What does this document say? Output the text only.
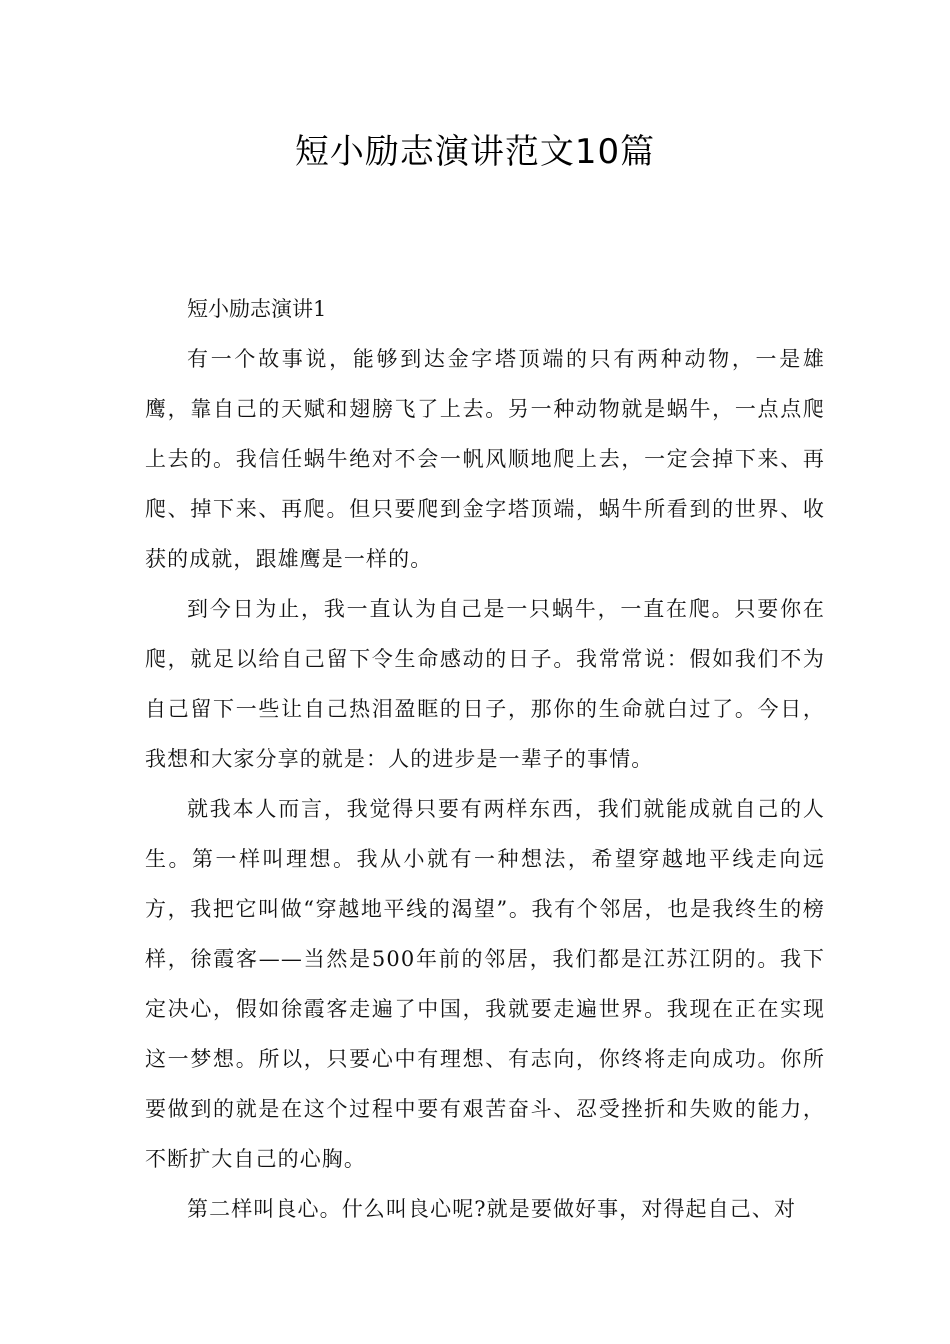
短小励志演讲范文10篇

短小励志演讲1

有一个故事说，能够到达金字塔顶端的只有两种动物，一是雄鹰，靠自己的天赋和翅膀飞了上去。另一种动物就是蜗牛，一点点爬上去的。我信任蜗牛绝对不会一帆风顺地爬上去，一定会掉下来、再爬、掉下来、再爬。但只要爬到金字塔顶端，蜗牛所看到的世界、收获的成就，跟雄鹰是一样的。

到今日为止，我一直认为自己是一只蜗牛，一直在爬。只要你在爬，就足以给自己留下令生命感动的日子。我常常说：假如我们不为自己留下一些让自己热泪盈眶的日子，那你的生命就白过了。今日，我想和大家分享的就是：人的进步是一辈子的事情。

就我本人而言，我觉得只要有两样东西，我们就能成就自己的人生。第一样叫理想。我从小就有一种想法，希望穿越地平线走向远方，我把它叫做“穿越地平线的渴望”。我有个邻居，也是我终生的榜样，徐霞客——当然是500年前的邻居，我们都是江苏江阴的。我下定决心，假如徐霞客走遍了中国，我就要走遍世界。我现在正在实现这一梦想。所以，只要心中有理想、有志向，你终将走向成功。你所要做到的就是在这个过程中要有艰苦奋斗、忍受挫折和失败的能力，不断扩大自己的心胸。

第二样叫良心。什么叫良心呢?就是要做好事，对得起自己、对
